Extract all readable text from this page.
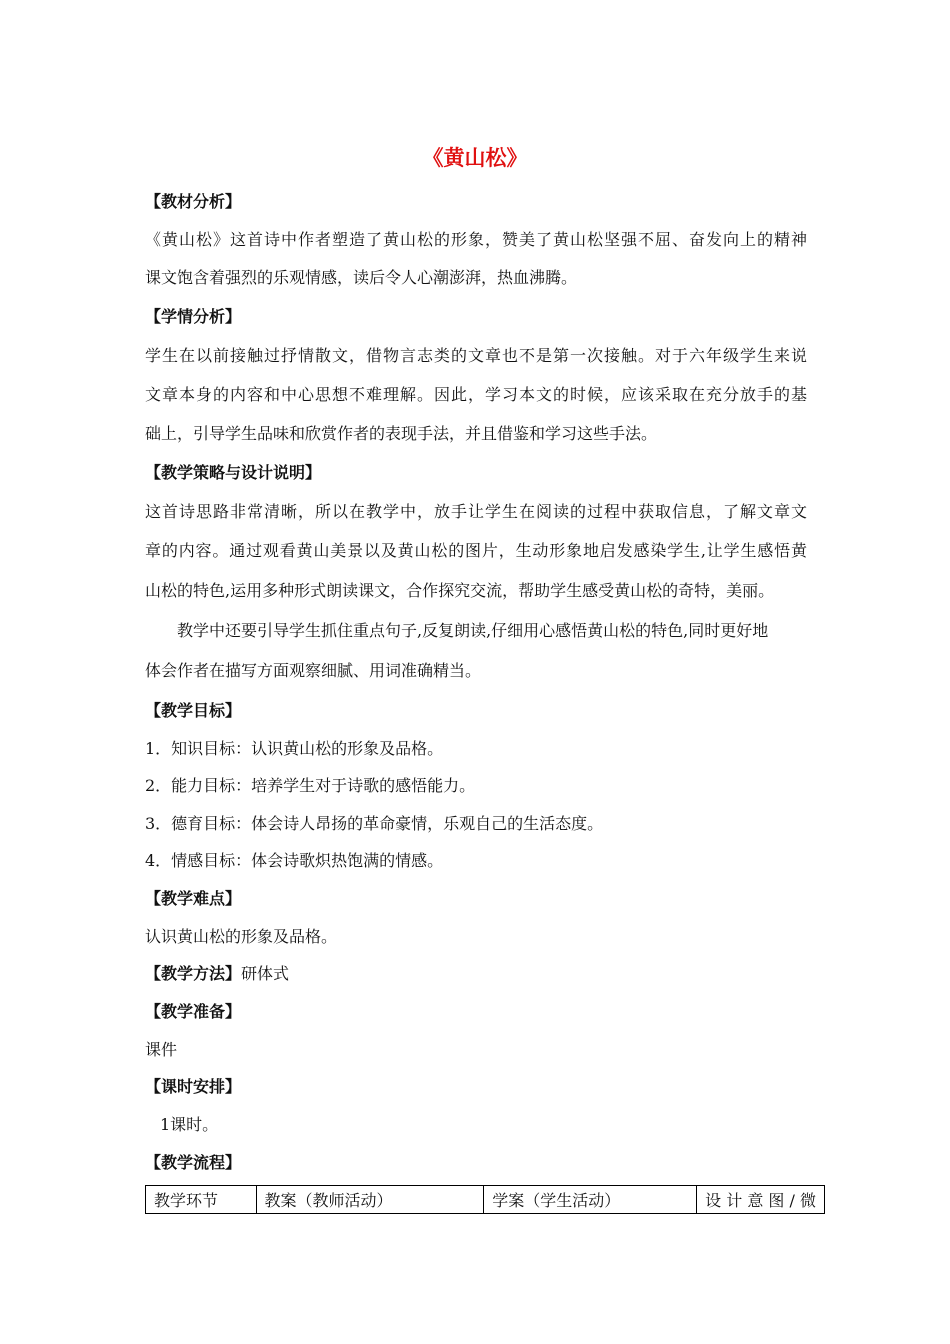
《黄山松》
【教材分析】
《黄山松》这首诗中作者塑造了黄山松的形象，赞美了黄山松坚强不屈、奋发向上的精神
课文饱含着强烈的乐观情感，读后令人心潮澎湃，热血沸腾。
【学情分析】
学生在以前接触过抒情散文，借物言志类的文章也不是第一次接触。对于六年级学生来说
文章本身的内容和中心思想不难理解。因此，学习本文的时候，应该采取在充分放手的基
础上，引导学生品味和欣赏作者的表现手法，并且借鉴和学习这些手法。
【教学策略与设计说明】
这首诗思路非常清晰，所以在教学中，放手让学生在阅读的过程中获取信息，了解文章文
章的内容。通过观看黄山美景以及黄山松的图片，生动形象地启发感染学生,让学生感悟黄
山松的特色,运用多种形式朗读课文，合作探究交流，帮助学生感受黄山松的奇特，美丽。
　　教学中还要引导学生抓住重点句子,反复朗读,仔细用心感悟黄山松的特色,同时更好地
体会作者在描写方面观察细腻、用词准确精当。
【教学目标】
1．知识目标：认识黄山松的形象及品格。
2．能力目标：培养学生对于诗歌的感悟能力。
3．德育目标：体会诗人昂扬的革命豪情，乐观自己的生活态度。
4．情感目标：体会诗歌炽热饱满的情感。
【教学难点】
认识黄山松的形象及品格。
【教学方法】研体式
【教学准备】
课件
【课时安排】
1课时。
【教学流程】
教学环节	教案（教师活动）	学案（学生活动）	设 计 意 图 / 微
